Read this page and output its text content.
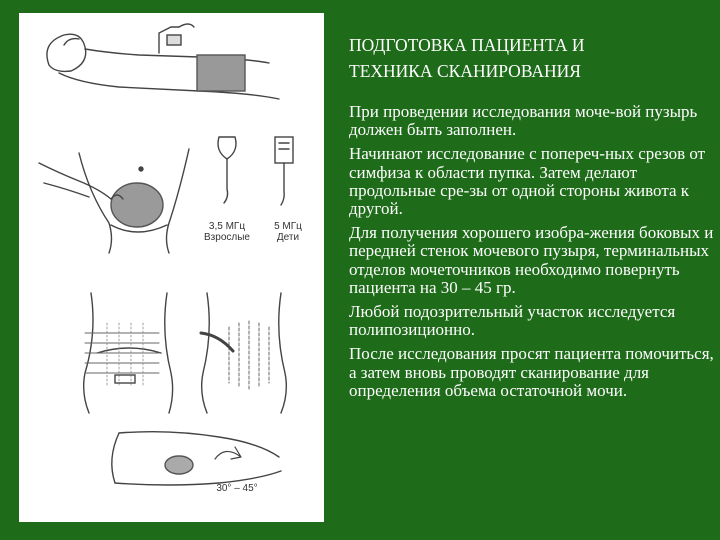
3,5 МГц
Взрослые
5 МГц
Дети
30° – 45°
ПОДГОТОВКА ПАЦИЕНТА И
ТЕХНИКА СКАНИРОВАНИЯ

При проведении исследования моче-вой пузырь должен быть заполнен.

Начинают исследование с попереч-ных срезов от симфиза к области пупка. Затем делают продольные сре-зы от одной стороны живота к другой.

Для получения хорошего изобра-жения боковых и передней стенок мочевого пузыря, терминальных отделов мочеточников необходимо повернуть пациента на 30 – 45 гр.

Любой подозрительный участок исследуется полипозиционно.

После исследования просят пациента помочиться, а затем вновь проводят сканирование для определения объема остаточной мочи.
